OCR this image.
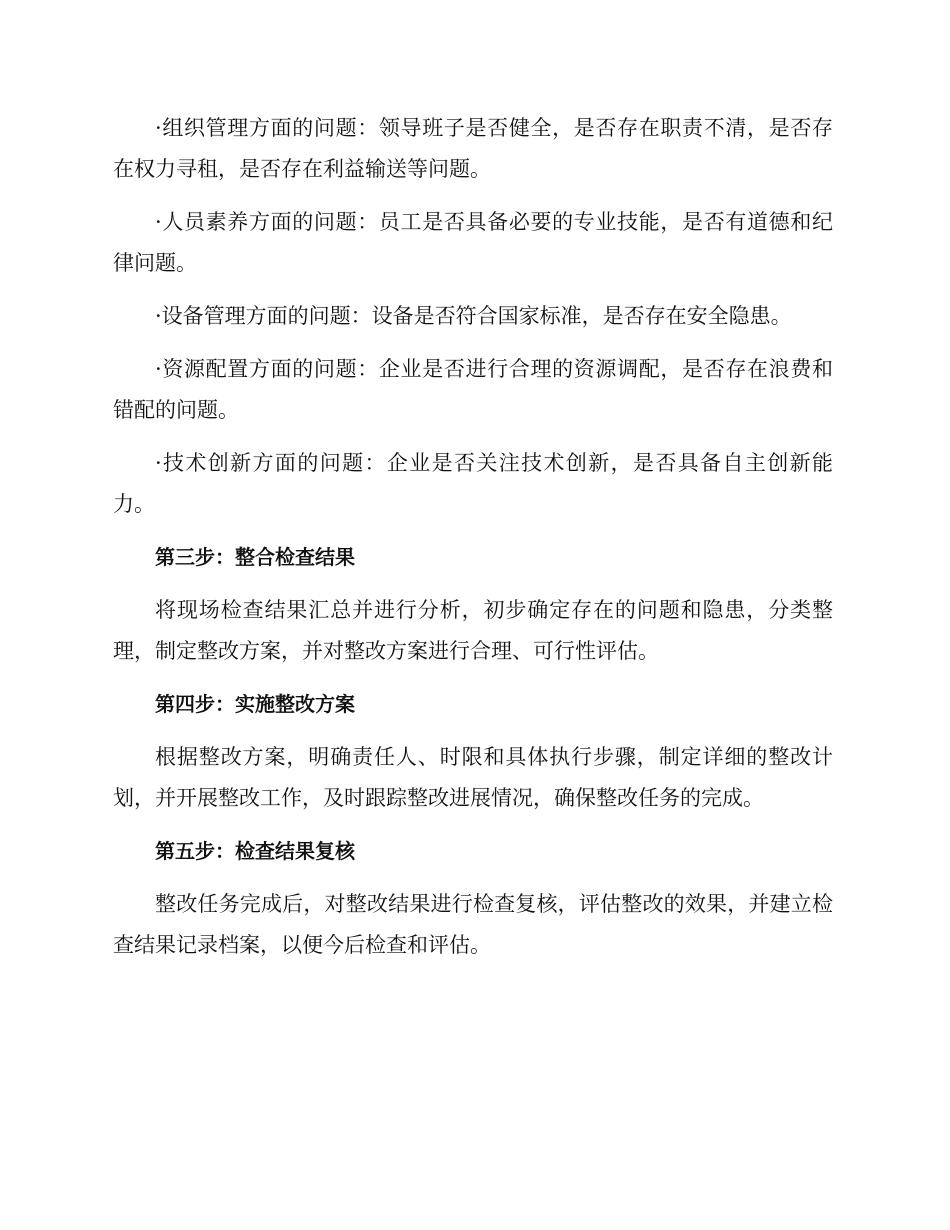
·组织管理方面的问题：领导班子是否健全，是否存在职责不清，是否存在权力寻租，是否存在利益输送等问题。

·人员素养方面的问题：员工是否具备必要的专业技能，是否有道德和纪律问题。

·设备管理方面的问题：设备是否符合国家标准，是否存在安全隐患。

·资源配置方面的问题：企业是否进行合理的资源调配，是否存在浪费和错配的问题。

·技术创新方面的问题：企业是否关注技术创新，是否具备自主创新能力。

第三步：整合检查结果

将现场检查结果汇总并进行分析，初步确定存在的问题和隐患，分类整理，制定整改方案，并对整改方案进行合理、可行性评估。

第四步：实施整改方案

根据整改方案，明确责任人、时限和具体执行步骤，制定详细的整改计划，并开展整改工作，及时跟踪整改进展情况，确保整改任务的完成。

第五步：检查结果复核

整改任务完成后，对整改结果进行检查复核，评估整改的效果，并建立检查结果记录档案，以便今后检查和评估。
